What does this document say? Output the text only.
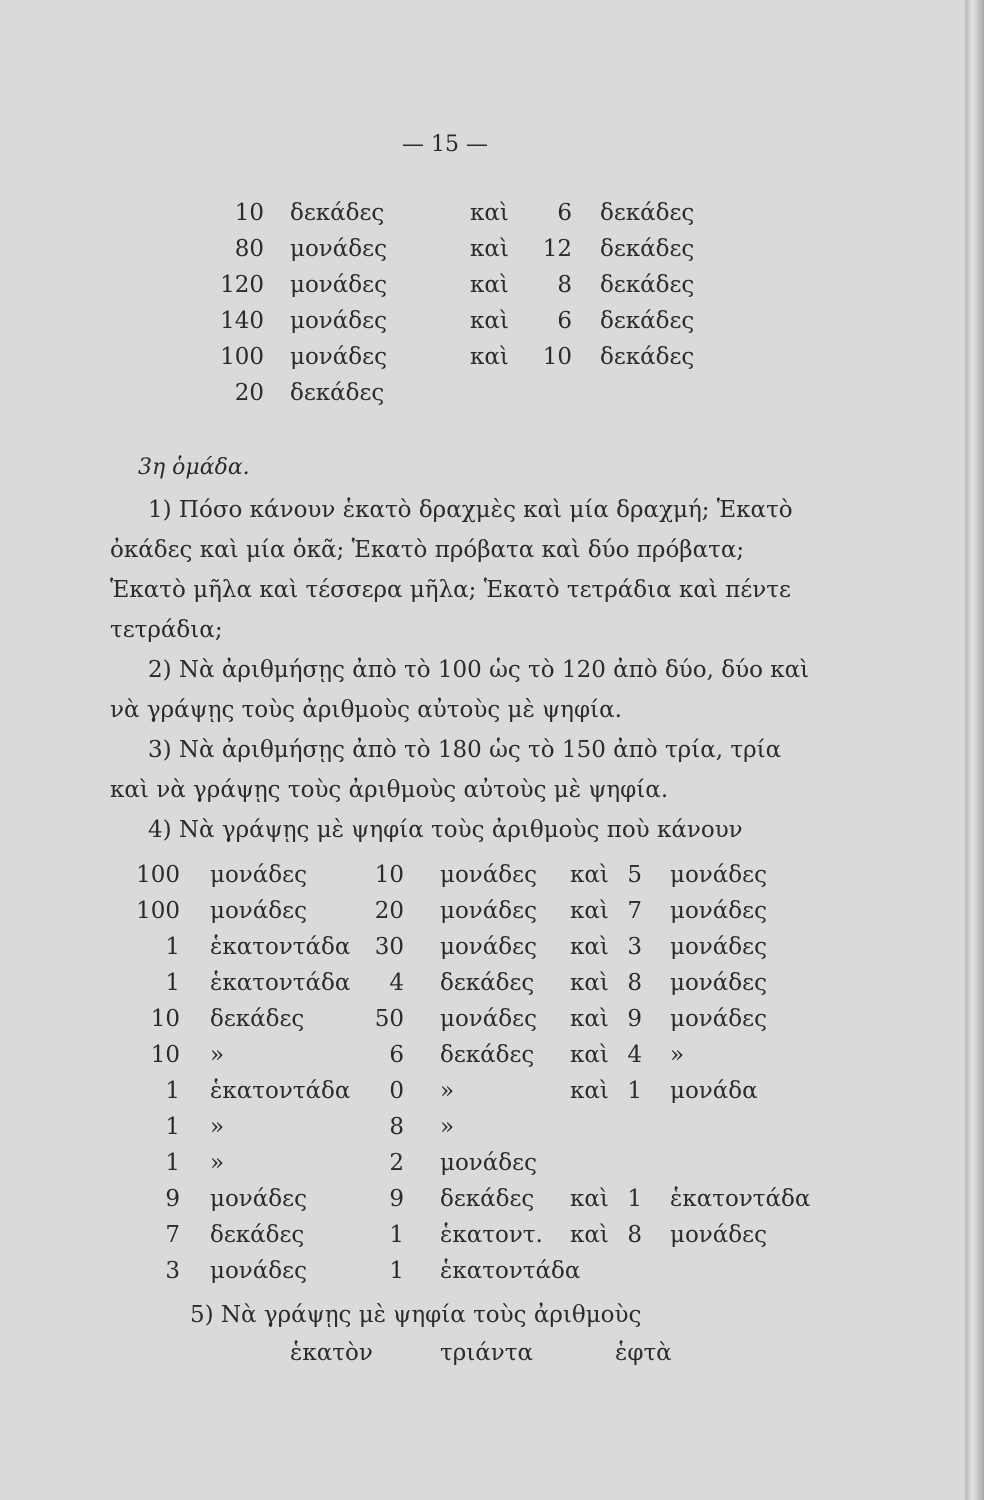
— 15 —
10 δεκάδες	καὶ	6 δεκάδες
80 μονάδες	καὶ	12 δεκάδες
120 μονάδες	καὶ	8 δεκάδες
140 μονάδες	καὶ	6 δεκάδες
100 μονάδες	καὶ	10 δεκάδες
20 δεκάδες
3η ὁμάδα.

1) Πόσο κάνουν ἑκατὸ δραχμὲς καὶ μία δραχμή; Ἑκατὸ ὀκάδες καὶ μία ὀκᾶ; Ἑκατὸ πρόβατα καὶ δύο πρόβατα; Ἑκατὸ μῆλα καὶ τέσσερα μῆλα; Ἑκατὸ τετράδια καὶ πέντε τετράδια;

2) Νὰ ἀριθμήσῃς ἀπὸ τὸ 100 ὡς τὸ 120 ἀπὸ δύο, δύο καὶ νὰ γράψῃς τοὺς ἀριθμοὺς αὐτοὺς μὲ ψηφία.

3) Νὰ ἀριθμήσῃς ἀπὸ τὸ 180 ὡς τὸ 150 ἀπὸ τρία, τρία καὶ νὰ γράψῃς τοὺς ἀριθμοὺς αὐτοὺς μὲ ψηφία.

4) Νὰ γράψῃς μὲ ψηφία τοὺς ἀριθμοὺς ποὺ κάνουν

100 μονάδες	10 μονάδες καὶ 5 μονάδες
100 μονάδες	20 μονάδες καὶ 7 μονάδες
1 ἑκατοντάδα	30 μονάδες καὶ 3 μονάδες
1 ἑκατοντάδα	4 δεκάδες καὶ 8 μονάδες
10 δεκάδες	50 μονάδες καὶ 9 μονάδες
10 »	6 δεκάδες καὶ 4 »
1 ἑκατοντάδα	0 »	καὶ 1 μονάδα
1 »	8 »
1 »	2 μονάδες
9 μονάδες	9 δεκάδες καὶ 1 ἑκατοντάδα
7 δεκάδες	1 ἑκατοντ. καὶ 8 μονάδες
3 μονάδες	1 ἑκατοντάδα
5) Νὰ γράψῃς μὲ ψηφία τοὺς ἀριθμοὺς
ἑκατὸν	τριάντα	ἑφτὰ
